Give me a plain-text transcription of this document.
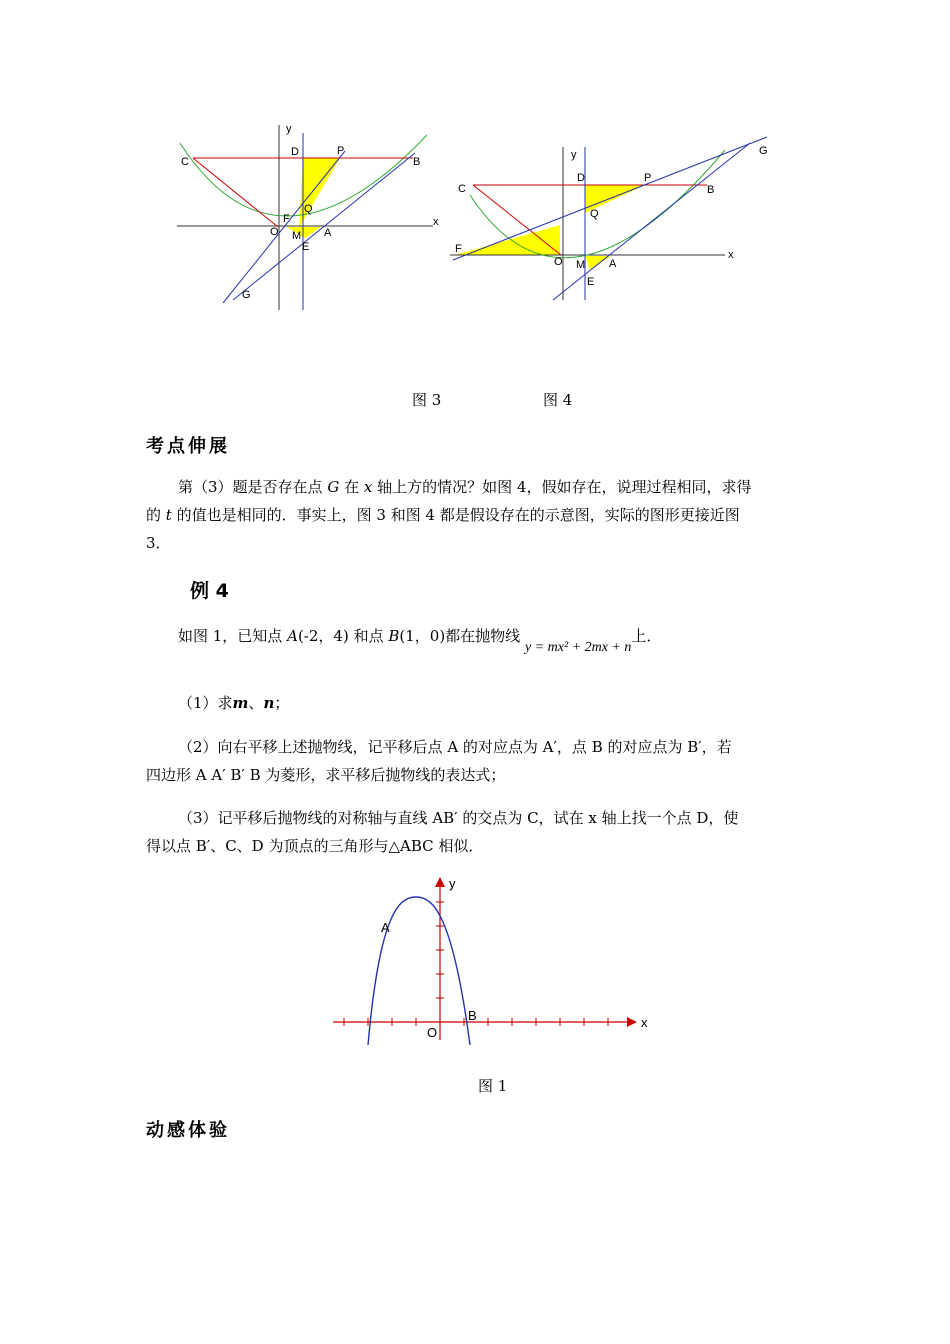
y
x
C
D	P
B
F
Q
O M A
E
G
y
x
G
D	P
C	B
Q
F
O M A
E
图 3	图 4
考点伸展
第（3）题是否存在点 G 在 x 轴上方的情况？如图 4，假如存在，说理过程相同，求得
的 t 的值也是相同的．事实上，图 3 和图 4 都是假设存在的示意图，实际的图形更接近图
3．
例 4
如图 1，已知点 A(-2，4) 和点 B(1，0)都在抛物线 y = mx² + 2mx + n上．
（1）求m、n；
（2）向右平移上述抛物线，记平移后点 A 的对应点为 A′，点 B 的对应点为 B′，若
四边形 A A′ B′ B 为菱形，求平移后抛物线的表达式；
（3）记平移后抛物线的对称轴与直线 AB′ 的交点为 C，试在 x 轴上找一个点 D，使
得以点 B′、C、D 为顶点的三角形与△ABC 相似．
y
A
B
O
x
图 1
动感体验
